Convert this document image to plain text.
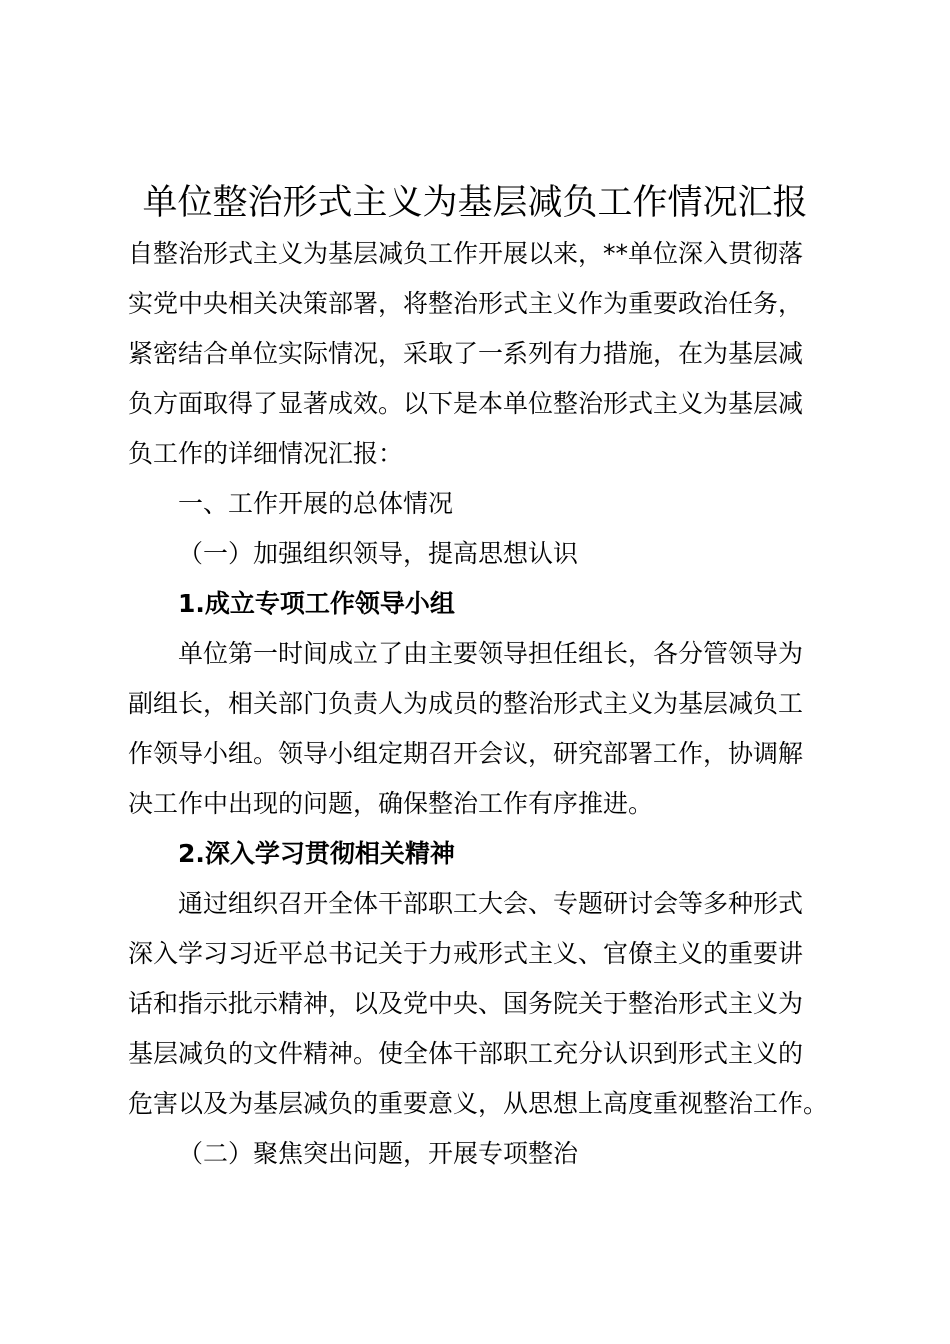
单位整治形式主义为基层减负工作情况汇报
自整治形式主义为基层减负工作开展以来，**单位深入贯彻落
实党中央相关决策部署，将整治形式主义作为重要政治任务，
紧密结合单位实际情况，采取了一系列有力措施，在为基层减
负方面取得了显著成效。以下是本单位整治形式主义为基层减
负工作的详细情况汇报：
一、工作开展的总体情况
（一）加强组织领导，提高思想认识
1.成立专项工作领导小组
单位第一时间成立了由主要领导担任组长，各分管领导为
副组长，相关部门负责人为成员的整治形式主义为基层减负工
作领导小组。领导小组定期召开会议，研究部署工作，协调解
决工作中出现的问题，确保整治工作有序推进。
2.深入学习贯彻相关精神
通过组织召开全体干部职工大会、专题研讨会等多种形式
深入学习习近平总书记关于力戒形式主义、官僚主义的重要讲
话和指示批示精神，以及党中央、国务院关于整治形式主义为
基层减负的文件精神。使全体干部职工充分认识到形式主义的
危害以及为基层减负的重要意义，从思想上高度重视整治工作。
（二）聚焦突出问题，开展专项整治
